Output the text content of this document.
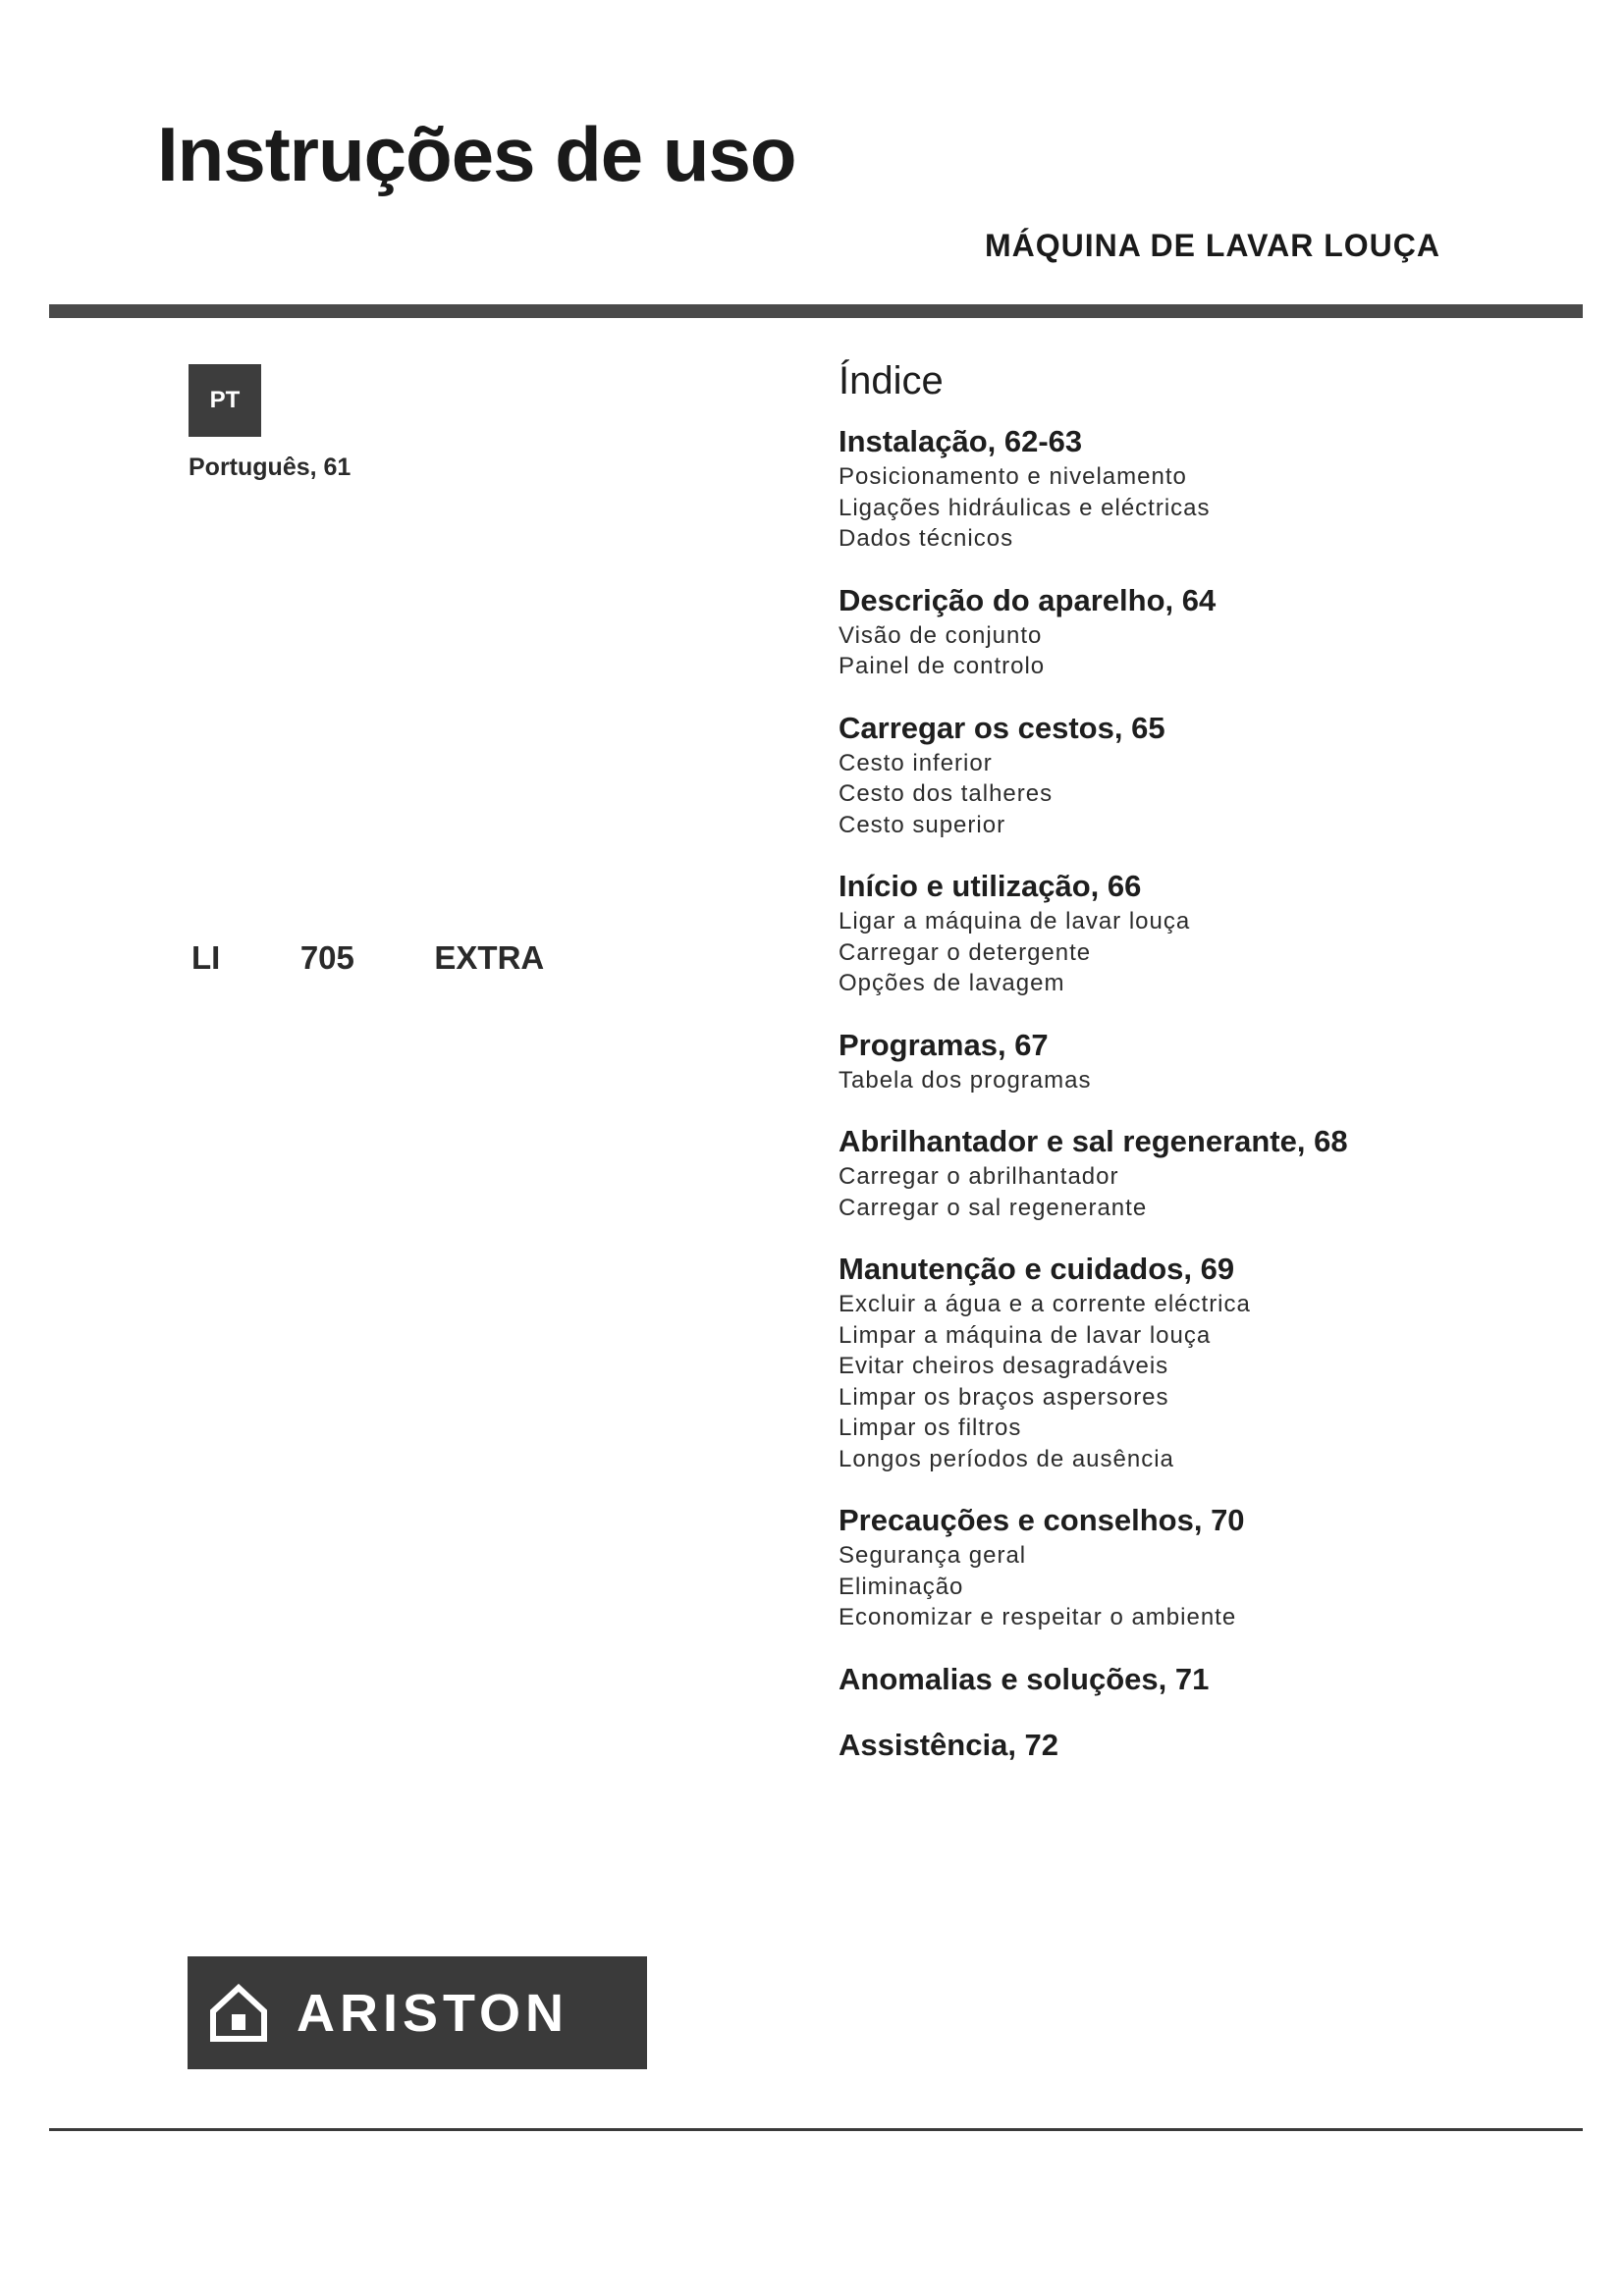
Instruções de uso
MÁQUINA DE LAVAR LOUÇA
PT
Português, 61
LI   705   EXTRA
Índice
Instalação, 62-63
Posicionamento e nivelamento
Ligações hidráulicas e eléctricas
Dados técnicos
Descrição do aparelho, 64
Visão de conjunto
Painel de controlo
Carregar os cestos, 65
Cesto inferior
Cesto dos talheres
Cesto superior
Início e utilização, 66
Ligar a máquina de lavar louça
Carregar o detergente
Opções de lavagem
Programas, 67
Tabela dos programas
Abrilhantador e sal regenerante, 68
Carregar o abrilhantador
Carregar o sal regenerante
Manutenção e cuidados, 69
Excluir a água e a corrente eléctrica
Limpar a máquina de lavar louça
Evitar cheiros desagradáveis
Limpar os braços aspersores
Limpar os filtros
Longos períodos de ausência
Precauções e conselhos, 70
Segurança geral
Eliminação
Economizar e respeitar o ambiente
Anomalias e soluções, 71
Assistência, 72
ARISTON
